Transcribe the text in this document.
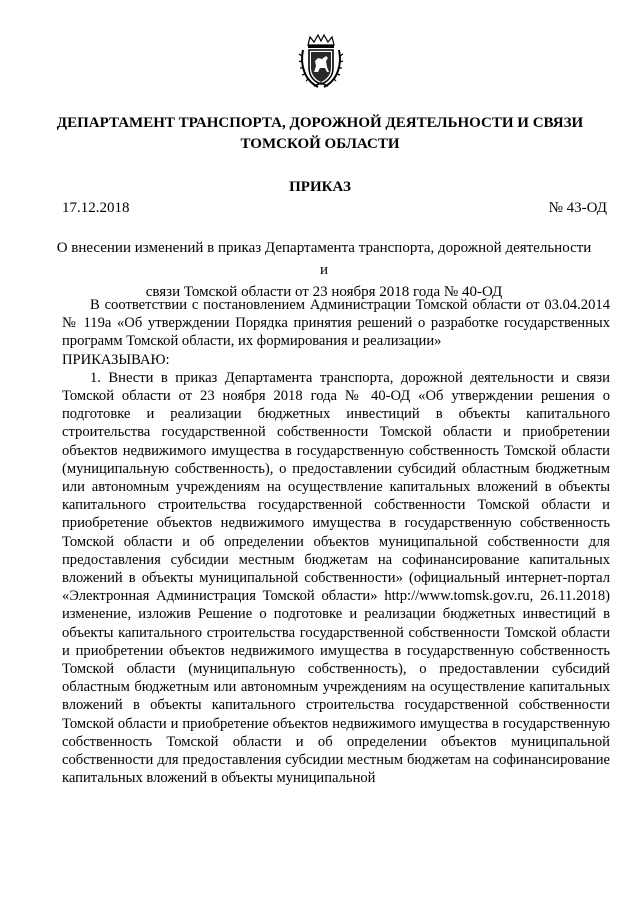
ДЕПАРТАМЕНТ ТРАНСПОРТА, ДОРОЖНОЙ ДЕЯТЕЛЬНОСТИ И СВЯЗИ
ТОМСКОЙ ОБЛАСТИ
ПРИКАЗ
17.12.2018	№ 43-ОД
О внесении изменений в приказ Департамента транспорта, дорожной деятельности и
связи Томской области от 23 ноября 2018 года № 40-ОД

В соответствии с постановлением Администрации Томской области от 03.04.2014 № 119а «Об утверждении Порядка принятия решений о разработке государственных программ Томской области, их формирования и реализации»

ПРИКАЗЫВАЮ:

1. Внести в приказ Департамента транспорта, дорожной деятельности и связи Томской области от 23 ноября 2018 года № 40-ОД «Об утверждении решения о подготовке и реализации бюджетных инвестиций в объекты капитального строительства государственной собственности Томской области и приобретении объектов недвижимого имущества в государственную собственность Томской области (муниципальную собственность), о предоставлении субсидий областным бюджетным или автономным учреждениям на осуществление капитальных вложений в объекты капитального строительства государственной собственности Томской области и приобретение объектов недвижимого имущества в государственную собственность Томской области и об определении объектов муниципальной собственности для предоставления субсидии местным бюджетам на софинансирование капитальных вложений в объекты муниципальной собственности» (официальный интернет-портал «Электронная Администрация Томской области» http://www.tomsk.gov.ru, 26.11.2018) изменение, изложив Решение о подготовке и реализации бюджетных инвестиций в объекты капитального строительства государственной собственности Томской области и приобретении объектов недвижимого имущества в государственную собственность Томской области (муниципальную собственность), о предоставлении субсидий областным бюджетным или автономным учреждениям на осуществление капитальных вложений в объекты капитального строительства государственной собственности Томской области и приобретение объектов недвижимого имущества в государственную собственность Томской области и об определении объектов муниципальной собственности для предоставления субсидии местным бюджетам на софинансирование капитальных вложений в объекты муниципальной
